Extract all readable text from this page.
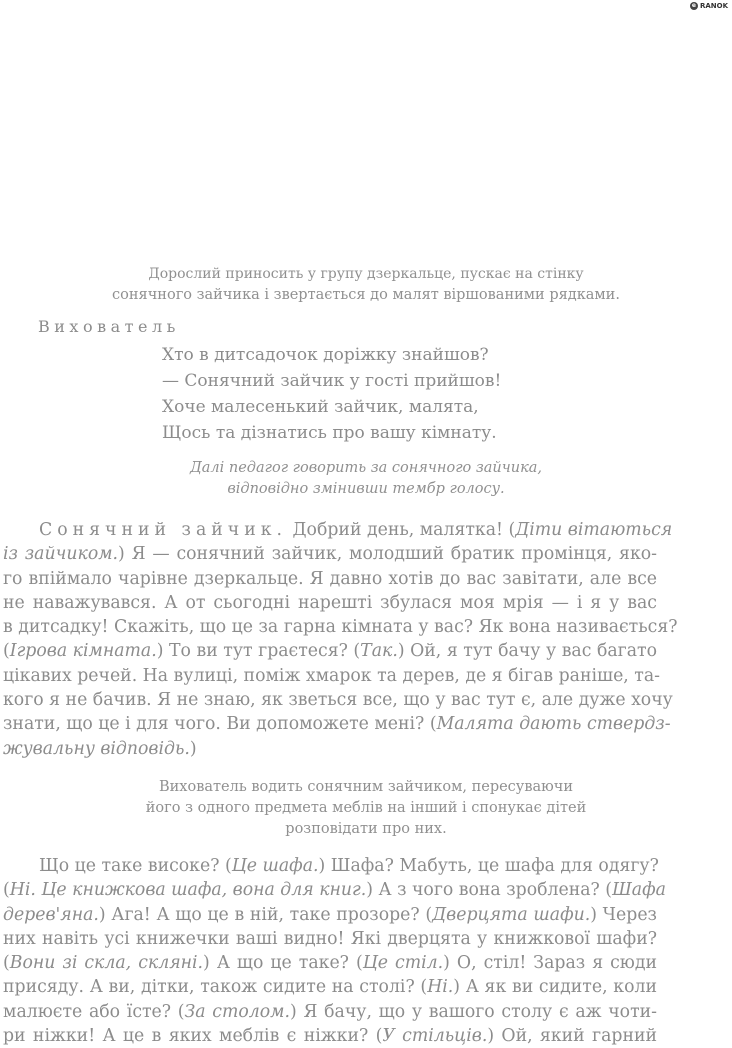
e RANOK
Дорослий приносить у групу дзеркальце, пускає на стінку
сонячного зайчика і звертається до малят віршованими рядками.
Вихователь
Хто в дитсадочок доріжку знайшов?
— Сонячний зайчик у гості прийшов!
Хоче малесенький зайчик, малята,
Щось та дізнатись про вашу кімнату.
Далі педагог говорить за сонячного зайчика,
відповідно змінивши тембр голосу.
Сонячний зайчик. Добрий день, малятка! (Діти вітаються
із зайчиком.) Я — сонячний зайчик, молодший братик промінця, яко-
го впіймало чарівне дзеркальце. Я давно хотів до вас завітати, але все
не наважувався. А от сьогодні нарешті збулася моя мрія — і я у вас
в дитсадку! Скажіть, що це за гарна кімната у вас? Як вона називається?
(Ігрова кімната.) То ви тут граєтеся? (Так.) Ой, я тут бачу у вас багато
цікавих речей. На вулиці, поміж хмарок та дерев, де я бігав раніше, та-
кого я не бачив. Я не знаю, як зветься все, що у вас тут є, але дуже хочу
знати, що це і для чого. Ви допоможете мені? (Малята дають ствердз-
жувальну відповідь.)
Вихователь водить сонячним зайчиком, пересуваючи
його з одного предмета меблів на інший і спонукає дітей
розповідати про них.
Що це таке високе? (Це шафа.) Шафа? Мабуть, це шафа для одягу?
(Ні. Це книжкова шафа, вона для книг.) А з чого вона зроблена? (Шафа
дерев'яна.) Ага! А що це в ній, таке прозоре? (Дверцята шафи.) Через
них навіть усі книжечки ваші видно! Які дверцята у книжкової шафи?
(Вони зі скла, скляні.) А що це таке? (Це стіл.) О, стіл! Зараз я сюди
присяду. А ви, дітки, також сидите на столі? (Ні.) А як ви сидите, коли
малюєте або їсте? (За столом.) Я бачу, що у вашого столу є аж чоти-
ри ніжки! А це в яких меблів є ніжки? (У стільців.) Ой, який гарний
